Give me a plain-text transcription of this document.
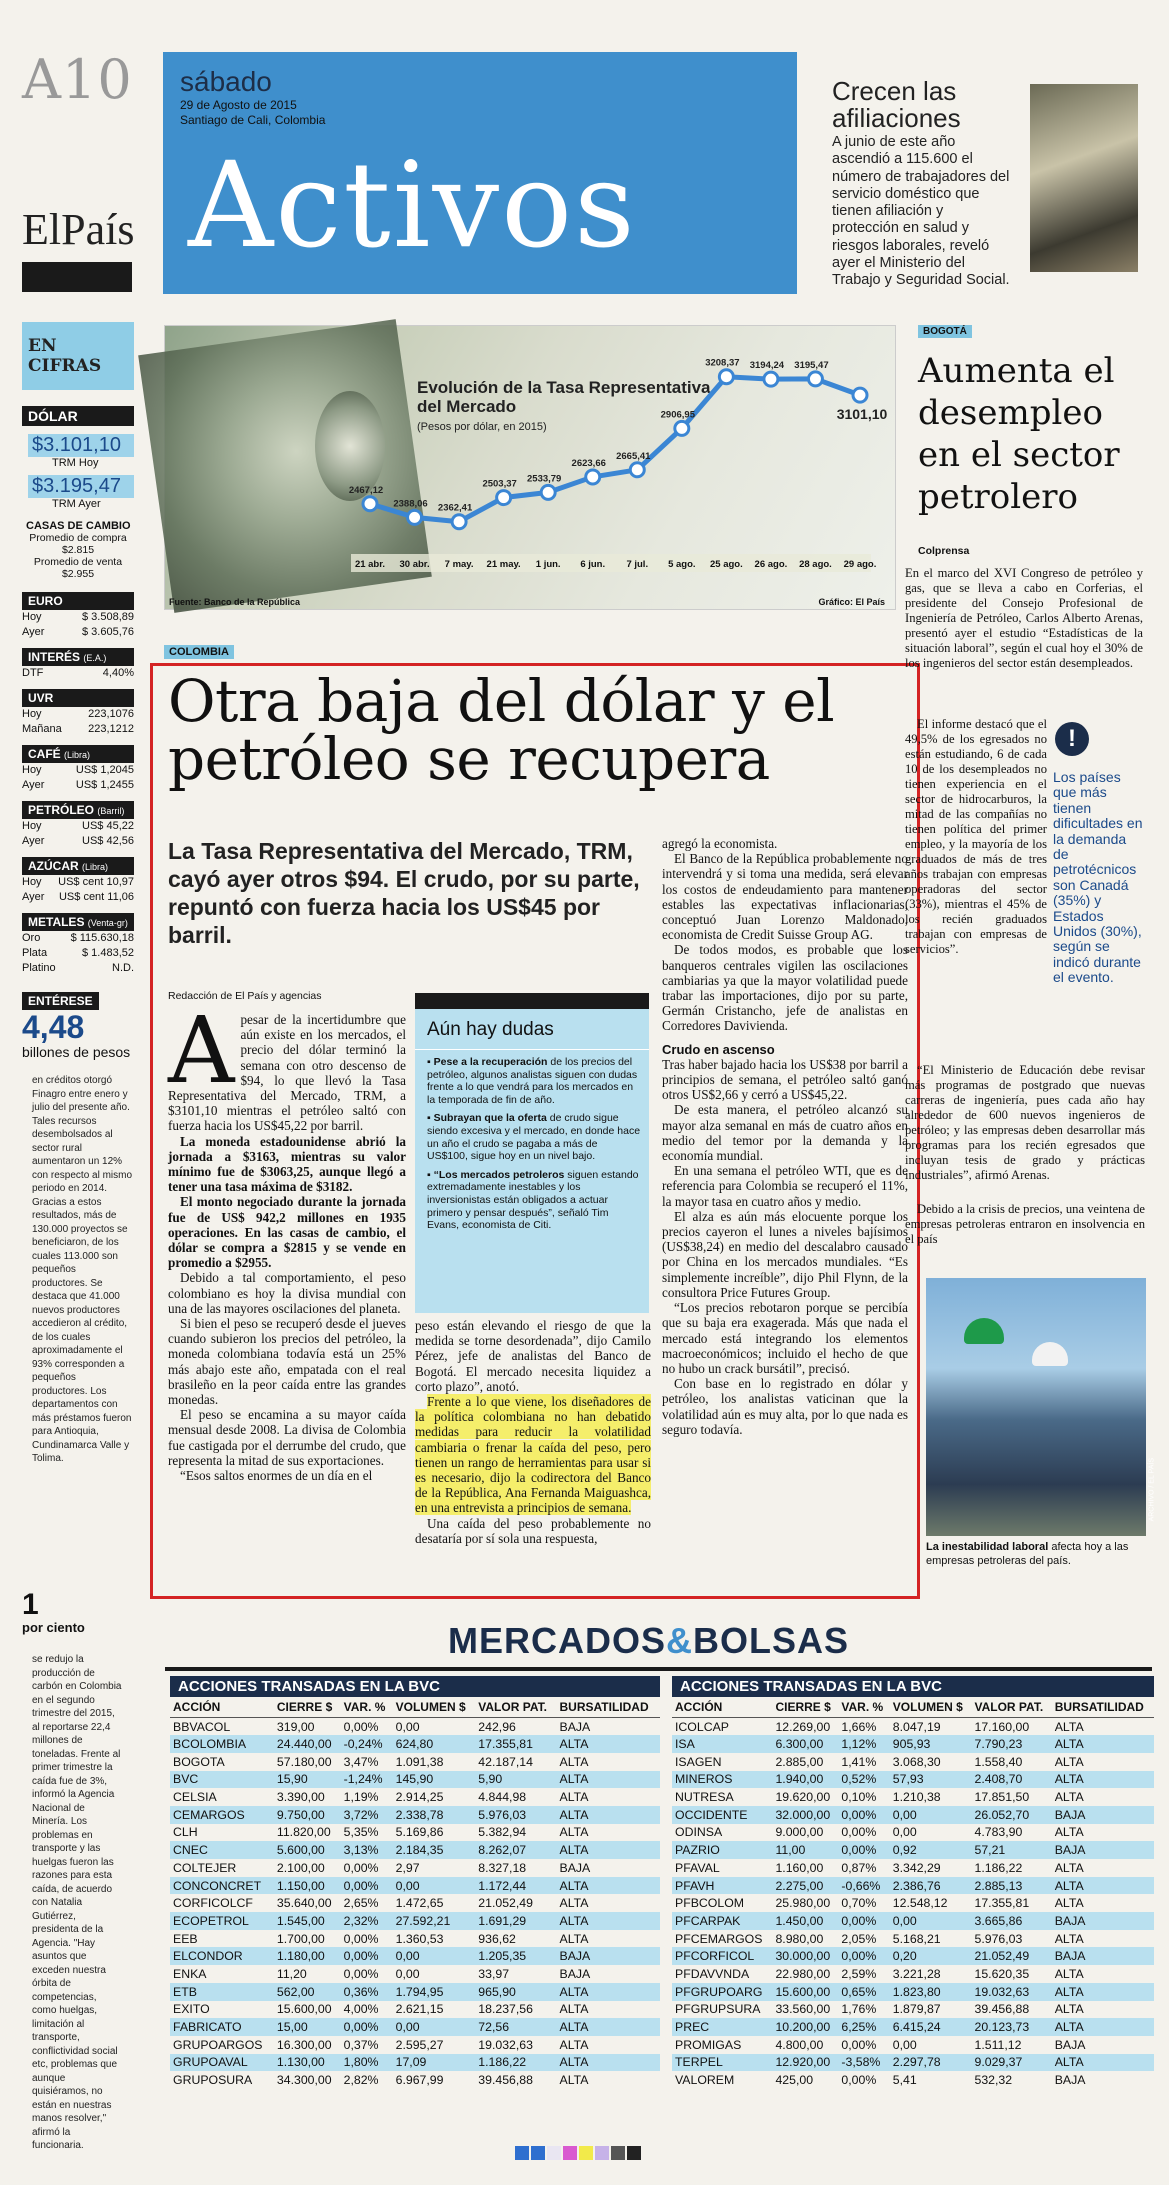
A10
ElPaís
sábado
29 de Agosto de 2015
Santiago de Cali, Colombia
Activos
Crecen las afiliaciones
A junio de este año ascendió a 115.600 el número de trabajadores del servicio doméstico que tienen afiliación y protección en salud y riesgos laborales, reveló ayer el Ministerio del Trabajo y Seguridad Social.
EN CIFRAS
DÓLAR
$3.101,10
TRM Hoy
$3.195,47
TRM Ayer
CASAS DE CAMBIO
Promedio de compra
$2.815
Promedio de venta
$2.955
EURO
Hoy	$ 3.508,89
Ayer	$ 3.605,76
INTERÉS (E.A.)
DTF	4,40%
UVR
Hoy	223,1076
Mañana 223,1212
CAFÉ (Libra)
Hoy	US$ 1,2045
Ayer	US$ 1,2455
PETRÓLEO (Barril)
Hoy	US$ 45,22
Ayer	US$ 42,56
AZÚCAR (Libra)
Hoy US$ cent 10,97
Ayer US$ cent 11,06
METALES (Venta-gr)
Oro	$ 115.630,18
Plata	$ 1.483,52
Platino	N.D.
ENTÉRESE
4,48
billones de pesos
en créditos otorgó Finagro entre enero y julio del presente año. Tales recursos desembolsados al sector rural aumentaron un 12% con respecto al mismo periodo en 2014. Gracias a estos resultados, más de 130.000 proyectos se beneficiaron, de los cuales 113.000 son pequeños productores. Se destaca que 41.000 nuevos productores accedieron al crédito, de los cuales aproximadamente el 93% corresponden a pequeños productores. Los departamentos con más préstamos fueron para Antioquia, Cundinamarca Valle y Tolima.
1
por ciento
se redujo la producción de carbón en Colombia en el segundo trimestre del 2015, al reportarse 22,4 millones de toneladas. Frente al primer trimestre la caída fue de 3%, informó la Agencia Nacional de Minería. Los problemas en transporte y las huelgas fueron las razones para esta caída, de acuerdo con Natalia Gutiérrez, presidenta de la Agencia. "Hay asuntos que exceden nuestra órbita de competencias, como huelgas, limitación al transporte, conflictividad social etc, problemas que aunque quisiéramos, no están en nuestras manos resolver," afirmó la funcionaria.
Evolución de la Tasa Representativa del Mercado
(Pesos por dólar, en 2015)
2467,12
21 abr.
2388,06
30 abr.
2362,41
7 may.
2503,37
21 may.
2533,79
1 jun.
2623,66
6 jun.
2665,41
7 jul.
2906,95
5 ago.
3208,37
25 ago.
3194,24
26 ago.
3195,47
28 ago.
3101,10
29 ago.
Fuente: Banco de la República	Gráfico: El País
COLOMBIA
Otra baja del dólar y el petróleo se recupera
La Tasa Representativa del Mercado, TRM, cayó ayer otros $94. El crudo, por su parte, repuntó con fuerza hacia los US$45 por barril.
Redacción de El País y agencias

A pesar de la incertidumbre que aún existe en los mercados, el precio del dólar terminó la semana con otro descenso de $94, lo que llevó la Tasa Representativa del Mercado, TRM, a $3101,10 mientras el petróleo saltó con fuerza hacia los US$45,22 por barril.

La moneda estadounidense abrió la jornada a $3163, mientras su valor mínimo fue de $3063,25, aunque llegó a tener una tasa máxima de $3182.

El monto negociado durante la jornada fue de US$ 942,2 millones en 1935 operaciones. En las casas de cambio, el dólar se compra a $2815 y se vende en promedio a $2955.

Debido a tal comportamiento, el peso colombiano es hoy la divisa mundial con una de las mayores oscilaciones del planeta.

Si bien el peso se recuperó desde el jueves cuando subieron los precios del petróleo, la moneda colombiana todavía está un 25% más abajo este año, empatada con el real brasileño en la peor caída entre las grandes monedas.

El peso se encamina a su mayor caída mensual desde 2008. La divisa de Colombia fue castigada por el derrumbe del crudo, que representa la mitad de sus exportaciones.

“Esos saltos enormes de un día en el

Aún hay dudas
▪ Pese a la recuperación de los precios del petróleo, algunos analistas siguen con dudas frente a lo que vendrá para los mercados en la temporada de fin de año.
▪ Subrayan que la oferta de crudo sigue siendo excesiva y el mercado, en donde hace un año el crudo se pagaba a más de US$100, sigue hoy en un nivel bajo.
▪ “Los mercados petroleros siguen estando extremadamente inestables y los inversionistas están obligados a actuar primero y pensar después”, señaló Tim Evans, economista de Citi.

peso están elevando el riesgo de que la medida se torne desordenada”, dijo Camilo Pérez, jefe de analistas del Banco de Bogotá. El mercado necesita liquidez a corto plazo”, anotó.

Frente a lo que viene, los diseñadores de la política colombiana no han debatido medidas para reducir la volatilidad cambiaria o frenar la caída del peso, pero tienen un rango de herramientas para usar si es necesario, dijo la codirectora del Banco de la República, Ana Fernanda Maiguashca, en una entrevista a principios de semana.

Una caída del peso probablemente no desataría por sí sola una respuesta,

agregó la economista.

El Banco de la República probablemente no intervendrá y si toma una medida, será elevar los costos de endeudamiento para mantener estables las expectativas inflacionarias, conceptuó Juan Lorenzo Maldonado, economista de Credit Suisse Group AG.

De todos modos, es probable que los banqueros centrales vigilen las oscilaciones cambiarias ya que la mayor volatilidad puede trabar las importaciones, dijo por su parte, Germán Cristancho, jefe de analistas en Corredores Davivienda.

Crudo en ascenso

Tras haber bajado hacia los US$38 por barril a principios de semana, el petróleo saltó ganó otros US$2,66 y cerró a US$45,22.

De esta manera, el petróleo alcanzó su mayor alza semanal en más de cuatro años en medio del temor por la demanda y la economía mundial.

En una semana el petróleo WTI, que es de referencia para Colombia se recuperó el 11%, la mayor tasa en cuatro años y medio.

El alza es aún más elocuente porque los precios cayeron el lunes a niveles bajísimos (US$38,24) en medio del descalabro causado por China en los mercados mundiales. “Es simplemente increíble”, dijo Phil Flynn, de la consultora Price Futures Group.

“Los precios rebotaron porque se percibía que su baja era exagerada. Más que nada el mercado está integrando los elementos macroeconómicos; incluido el hecho de que no hubo un crack bursátil”, precisó.

Con base en lo registrado en dólar y petróleo, los analistas vaticinan que la volatilidad aún es muy alta, por lo que nada es seguro todavía.

BOGOTÁ
Aumenta el desempleo en el sector petrolero
Colprensa
En el marco del XVI Congreso de petróleo y gas, que se lleva a cabo en Corferias, el presidente del Consejo Profesional de Ingeniería de Petróleo, Carlos Alberto Arenas, presentó ayer el estudio “Estadísticas de la situación laboral”, según el cual hoy el 30% de los ingenieros del sector están desempleados.
El informe destacó que el 49,5% de los egresados no están estudiando, 6 de cada 10 de los desempleados no tienen experiencia en el sector de hidrocarburos, la mitad de las compañías no tienen política del primer empleo, y la mayoría de los graduados de más de tres años trabajan con empresas operadoras del sector (33%), mientras el 45% de los recién graduados trabajan con empresas de servicios”.
!
Los países que más tienen dificultades en la demanda de petrotécnicos son Canadá (35%) y Estados Unidos (30%), según se indicó durante el evento.
“El Ministerio de Educación debe revisar más programas de postgrado que nuevas carreras de ingeniería, pues cada año hay alrededor de 600 nuevos ingenieros de petróleo; y las empresas deben desarrollar más programas para los recién egresados que incluyan tesis de grado y prácticas industriales”, afirmó Arenas.
Debido a la crisis de precios, una veintena de empresas petroleras entraron en insolvencia en el país
ARCHIVO / EL PAÍS
La inestabilidad laboral afecta hoy a las empresas petroleras del país.
MERCADOS&BOLSAS
ACCIONES TRANSADAS EN LA BVC
ACCIÓN	CIERRE $	VAR. %	VOLUMEN $	VALOR PAT.	BURSATILIDAD
BBVACOL	319,00	0,00%	0,00	242,96	BAJA
BCOLOMBIA	24.440,00	-0,24%	624,80	17.355,81	ALTA
BOGOTA	57.180,00	3,47%	1.091,38	42.187,14	ALTA
BVC	15,90	-1,24%	145,90	5,90	ALTA
CELSIA	3.390,00	1,19%	2.914,25	4.844,98	ALTA
CEMARGOS	9.750,00	3,72%	2.338,78	5.976,03	ALTA
CLH	11.820,00	5,35%	5.169,86	5.382,94	ALTA
CNEC	5.600,00	3,13%	2.184,35	8.262,07	ALTA
COLTEJER	2.100,00	0,00%	2,97	8.327,18	BAJA
CONCONCRET	1.150,00	0,00%	0,00	1.172,44	ALTA
CORFICOLCF	35.640,00	2,65%	1.472,65	21.052,49	ALTA
ECOPETROL	1.545,00	2,32%	27.592,21	1.691,29	ALTA
EEB	1.700,00	0,00%	1.360,53	936,62	ALTA
ELCONDOR	1.180,00	0,00%	0,00	1.205,35	BAJA
ENKA	11,20	0,00%	0,00	33,97	BAJA
ETB	562,00	0,36%	1.794,95	965,90	ALTA
EXITO	15.600,00	4,00%	2.621,15	18.237,56	ALTA
FABRICATO	15,00	0,00%	0,00	72,56	ALTA
GRUPOARGOS	16.300,00	0,37%	2.595,27	19.032,63	ALTA
GRUPOAVAL	1.130,00	1,80%	17,09	1.186,22	ALTA
GRUPOSURA	34.300,00	2,82%	6.967,99	39.456,88	ALTA
ACCIONES TRANSADAS EN LA BVC
ACCIÓN	CIERRE $	VAR. %	VOLUMEN $	VALOR PAT.	BURSATILIDAD
ICOLCAP	12.269,00	1,66%	8.047,19	17.160,00	ALTA
ISA	6.300,00	1,12%	905,93	7.790,23	ALTA
ISAGEN	2.885,00	1,41%	3.068,30	1.558,40	ALTA
MINEROS	1.940,00	0,52%	57,93	2.408,70	ALTA
NUTRESA	19.620,00	0,10%	1.210,38	17.851,50	ALTA
OCCIDENTE	32.000,00	0,00%	0,00	26.052,70	BAJA
ODINSA	9.000,00	0,00%	0,00	4.783,90	ALTA
PAZRIO	11,00	0,00%	0,92	57,21	BAJA
PFAVAL	1.160,00	0,87%	3.342,29	1.186,22	ALTA
PFAVH	2.275,00	-0,66%	2.386,76	2.885,13	ALTA
PFBCOLOM	25.980,00	0,70%	12.548,12	17.355,81	ALTA
PFCARPAK	1.450,00	0,00%	0,00	3.665,86	BAJA
PFCEMARGOS	8.980,00	2,05%	5.168,21	5.976,03	ALTA
PFCORFICOL	30.000,00	0,00%	0,20	21.052,49	BAJA
PFDAVVNDA	22.980,00	2,59%	3.221,28	15.620,35	ALTA
PFGRUPOARG	15.600,00	0,65%	1.823,80	19.032,63	ALTA
PFGRUPSURA	33.560,00	1,76%	1.879,87	39.456,88	ALTA
PREC	10.200,00	6,25%	6.415,24	20.123,73	ALTA
PROMIGAS	4.800,00	0,00%	0,00	1.511,12	BAJA
TERPEL	12.920,00	-3,58%	2.297,78	9.029,37	ALTA
VALOREM	425,00	0,00%	5,41	532,32	BAJA
